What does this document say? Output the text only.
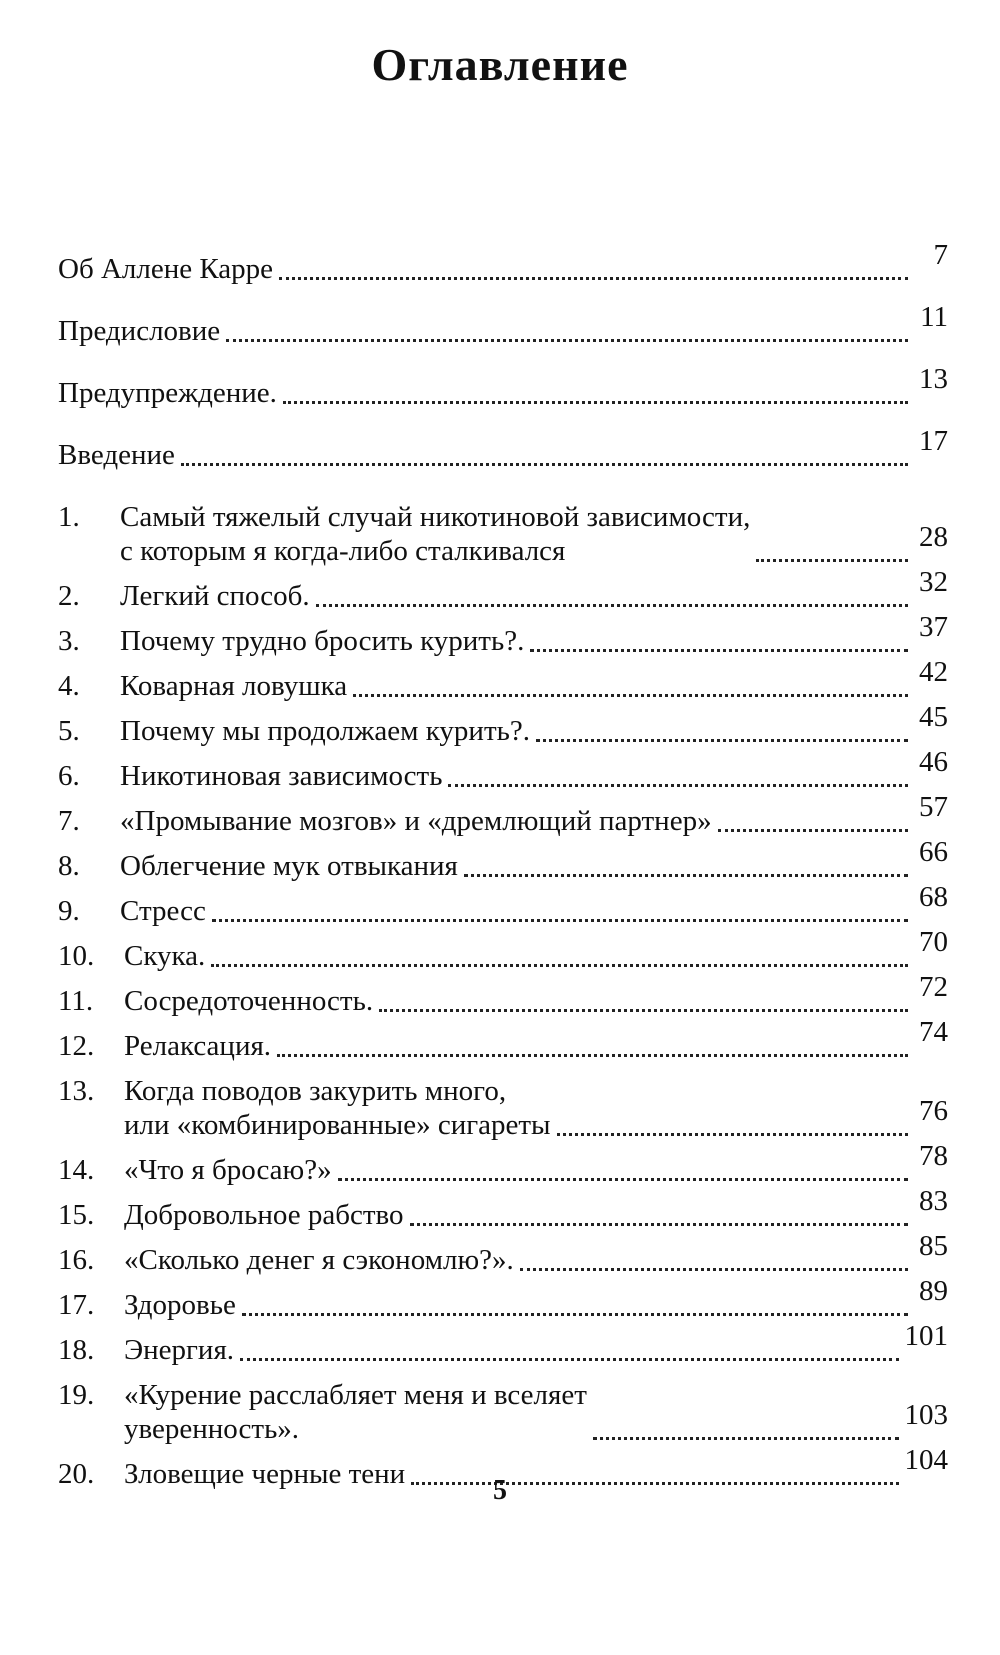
Оглавление
Об Аллене Карре	7
Предисловие	11
Предупреждение.	13
Введение	17
1.	Самый тяжелый случай никотиновой зависимости,
с которым я когда-либо сталкивался	28
2.	Легкий способ.	32
3.	Почему трудно бросить курить?.	37
4.	Коварная ловушка	42
5.	Почему мы продолжаем курить?.	45
6.	Никотиновая зависимость	46
7.	«Промывание мозгов» и «дремлющий партнер»	57
8.	Облегчение мук отвыкания	66
9.	Стресс	68
10.	Скука.	70
11.	Сосредоточенность.	72
12.	Релаксация.	74
13.	Когда поводов закурить много,
или «комбинированные» сигареты	76
14.	«Что я бросаю?»	78
15.	Добровольное рабство	83
16.	«Сколько денег я сэкономлю?».	85
17.	Здоровье	89
18.	Энергия.	101
19.	«Курение расслабляет меня и вселяет
уверенность».	103
20.	Зловещие черные тени	104
5
